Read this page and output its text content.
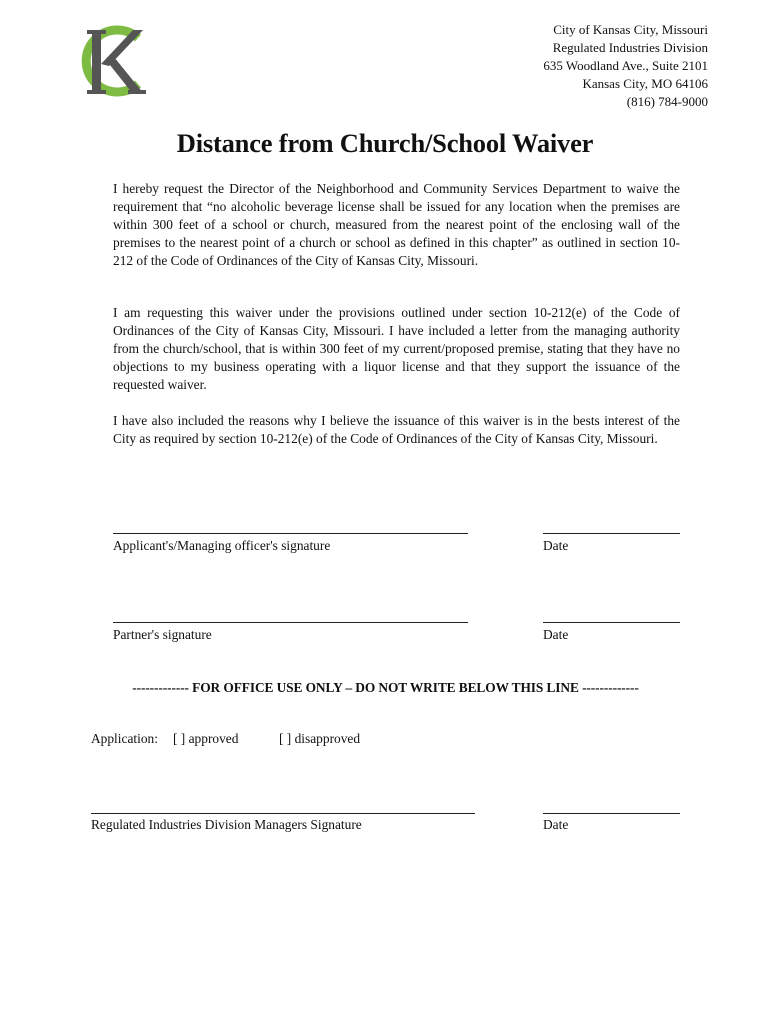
City of Kansas City, Missouri
Regulated Industries Division
635 Woodland Ave., Suite 2101
Kansas City, MO 64106
(816) 784-9000
Distance from Church/School Waiver

I hereby request the Director of the Neighborhood and Community Services Department to waive the requirement that “no alcoholic beverage license shall be issued for any location when the premises are within 300 feet of a school or church, measured from the nearest point of the enclosing wall of the premises to the nearest point of a church or school as defined in this chapter” as outlined in section 10-212 of the Code of Ordinances of the City of Kansas City, Missouri.

I am requesting this waiver under the provisions outlined under section 10-212(e) of the Code of Ordinances of the City of Kansas City, Missouri. I have included a letter from the managing authority from the church/school, that is within 300 feet of my current/proposed premise, stating that they have no objections to my business operating with a liquor license and that they support the issuance of the requested waiver.

I have also included the reasons why I believe the issuance of this waiver is in the bests interest of the City as required by section 10-212(e) of the Code of Ordinances of the City of Kansas City, Missouri.

Applicant's/Managing officer's signature	Date
Partner's signature	Date
------------- FOR OFFICE USE ONLY – DO NOT WRITE BELOW THIS LINE -------------
Application: [ ] approved	[ ] disapproved
Regulated Industries Division Managers Signature	Date
